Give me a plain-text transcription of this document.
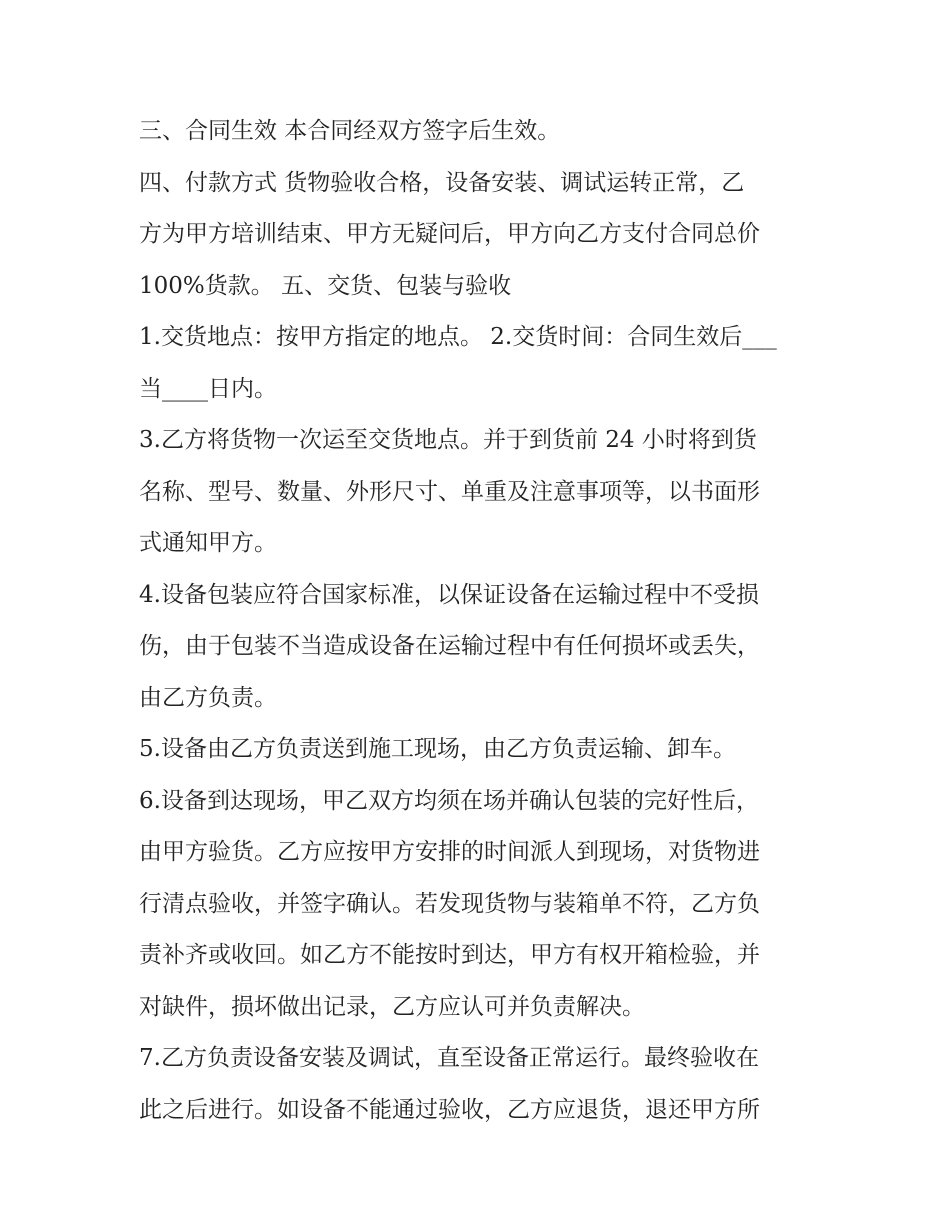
三、合同生效 本合同经双方签字后生效。
四、付款方式 货物验收合格，设备安装、调试运转正常，乙
方为甲方培训结束、甲方无疑问后，甲方向乙方支付合同总价
100%货款。 五、交货、包装与验收
1.交货地点：按甲方指定的地点。 2.交货时间：合同生效后___
当____日内。
3.乙方将货物一次运至交货地点。并于到货前 24 小时将到货
名称、型号、数量、外形尺寸、单重及注意事项等，以书面形
式通知甲方。
4.设备包装应符合国家标准，以保证设备在运输过程中不受损
伤，由于包装不当造成设备在运输过程中有任何损坏或丢失，
由乙方负责。
5.设备由乙方负责送到施工现场，由乙方负责运输、卸车。
6.设备到达现场，甲乙双方均须在场并确认包装的完好性后，
由甲方验货。乙方应按甲方安排的时间派人到现场，对货物进
行清点验收，并签字确认。若发现货物与装箱单不符，乙方负
责补齐或收回。如乙方不能按时到达，甲方有权开箱检验，并
对缺件，损坏做出记录，乙方应认可并负责解决。
7.乙方负责设备安装及调试，直至设备正常运行。最终验收在
此之后进行。如设备不能通过验收，乙方应退货，退还甲方所
